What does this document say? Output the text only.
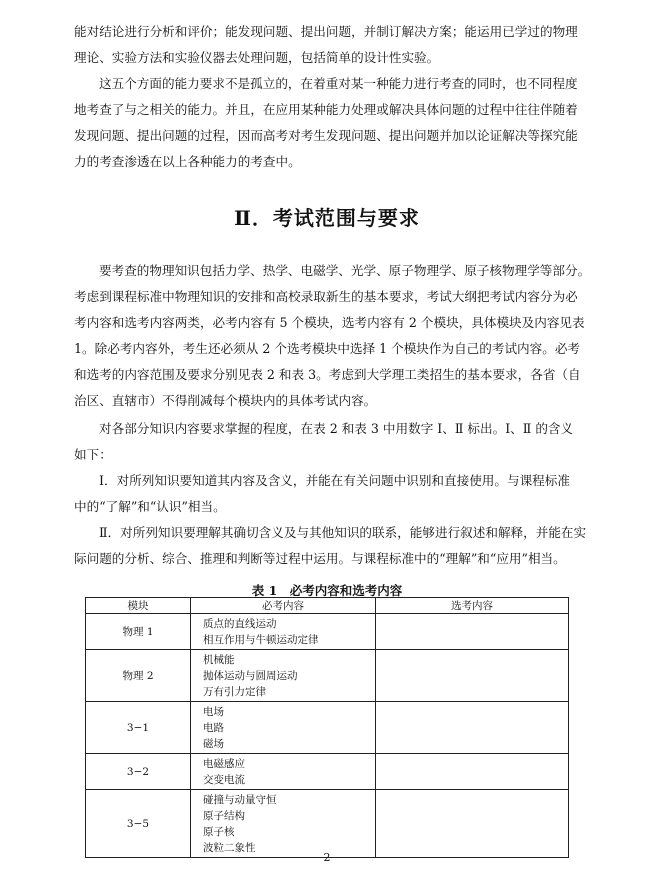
能对结论进行分析和评价；能发现问题、提出问题，并制订解决方案；能运用已学过的物理
理论、实验方法和实验仪器去处理问题，包括简单的设计性实验。

这五个方面的能力要求不是孤立的，在着重对某一种能力进行考查的同时，也不同程度
地考查了与之相关的能力。并且，在应用某种能力处理或解决具体问题的过程中往往伴随着
发现问题、提出问题的过程，因而高考对考生发现问题、提出问题并加以论证解决等探究能
力的考查渗透在以上各种能力的考查中。

Ⅱ．考试范围与要求

要考查的物理知识包括力学、热学、电磁学、光学、原子物理学、原子核物理学等部分。
考虑到课程标准中物理知识的安排和高校录取新生的基本要求，考试大纲把考试内容分为必
考内容和选考内容两类，必考内容有 5 个模块，选考内容有 2 个模块，具体模块及内容见表
1。除必考内容外，考生还必须从 2 个选考模块中选择 1 个模块作为自己的考试内容。必考
和选考的内容范围及要求分别见表 2 和表 3。考虑到大学理工类招生的基本要求，各省（自
治区、直辖市）不得削减每个模块内的具体考试内容。

对各部分知识内容要求掌握的程度，在表 2 和表 3 中用数字 Ⅰ、Ⅱ 标出。Ⅰ、Ⅱ 的含义
如下：

Ⅰ．对所列知识要知道其内容及含义，并能在有关问题中识别和直接使用。与课程标准
中的“了解”和“认识”相当。

Ⅱ．对所列知识要理解其确切含义及与其他知识的联系，能够进行叙述和解释，并能在实
际问题的分析、综合、推理和判断等过程中运用。与课程标准中的“理解”和“应用”相当。

表 1　必考内容和选考内容
模块	必考内容	选考内容
物理 1	质点的直线运动
相互作用与牛顿运动定律	

物理 2	机械能
抛体运动与圆周运动
万有引力定律	

3−1	电场
电路
磁场	

3−2	电磁感应
交变电流	

3−5	碰撞与动量守恒
原子结构
原子核
波粒二象性	

2
